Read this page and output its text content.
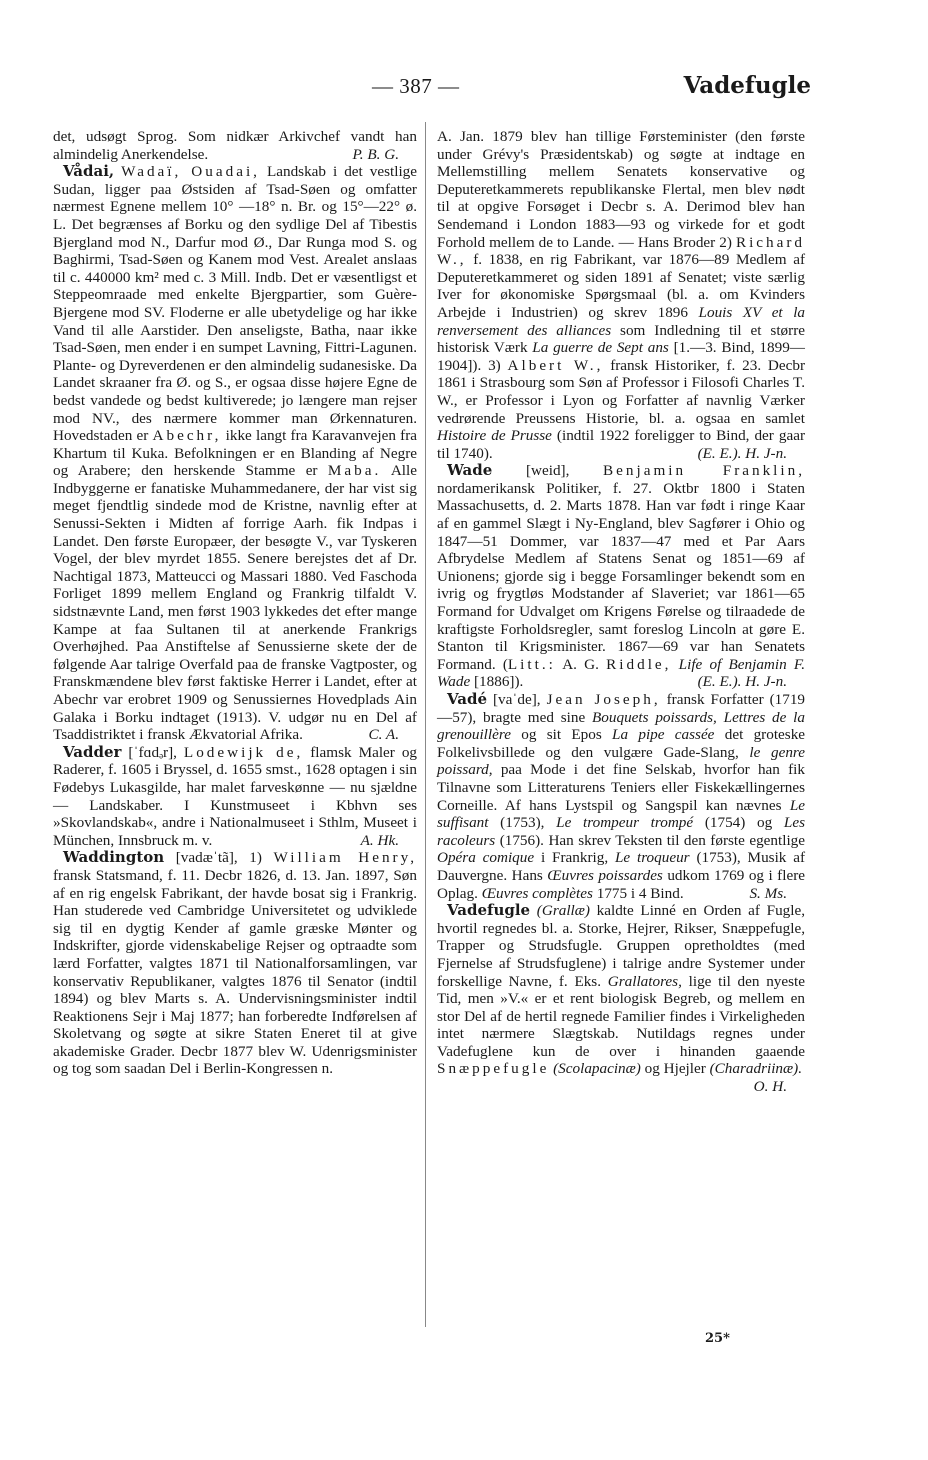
— 387 —	Vadefugle

det, udsøgt Sprog. Som nidkær Arkivchef vandt han almindelig Anerkendelse.	P. B. G.

Vådai, Wadaï, Ouadai, Landskab i det vestlige Sudan, ligger paa Østsiden af Tsad-Søen og omfatter nærmest Egnene mellem 10° —18° n. Br. og 15°—22° ø. L. Det begrænses af Borku og den sydlige Del af Tibestis Bjergland mod N., Darfur mod Ø., Dar Runga mod S. og Baghirmi, Tsad-Søen og Kanem mod Vest. Arealet anslaas til c. 440000 km² med c. 3 Mill. Indb. Det er væsentligst et Steppeomraade med enkelte Bjergpartier, som Guère-Bjergene mod SV. Floderne er alle ubetydelige og har ikke Vand til alle Aarstider. Den anseligste, Batha, naar ikke Tsad-Søen, men ender i en sumpet Lavning, Fittri-Lagunen. Plante- og Dyreverdenen er den almindelig sudanesiske. Da Landet skraaner fra Ø. og S., er ogsaa disse højere Egne de bedst vandede og bedst kultiverede; jo længere man rejser mod NV., des nærmere kommer man Ørkennaturen. Hovedstaden er Abechr, ikke langt fra Karavanvejen fra Khartum til Kuka. Befolkningen er en Blanding af Negre og Arabere; den herskende Stamme er Maba. Alle Indbyggerne er fanatiske Muhammedanere, der har vist sig meget fjendtlig sindede mod de Kristne, navnlig efter at Senussi-Sekten i Midten af forrige Aarh. fik Indpas i Landet. Den første Europæer, der besøgte V., var Tyskeren Vogel, der blev myrdet 1855. Senere berejstes det af Dr. Nachtigal 1873, Matteucci og Massari 1880. Ved Faschoda Forliget 1899 mellem England og Frankrig tilfaldt V. sidstnævnte Land, men først 1903 lykkedes det efter mange Kampe at faa Sultanen til at anerkende Frankrigs Overhøjhed. Paa Anstiftelse af Senussierne skete der de følgende Aar talrige Overfald paa de franske Vagtposter, og Franskmændene blev først faktiske Herrer i Landet, efter at Abechr var erobret 1909 og Senussiernes Hovedplads Ain Galaka i Borku indtaget (1913). V. udgør nu en Del af Tsaddistriktet i fransk Ækvatorial Afrika.	C. A.

Vadder [ˈfɑdₔr], Lodewijk de, flamsk Maler og Raderer, f. 1605 i Bryssel, d. 1655 smst., 1628 optagen i sin Fødebys Lukasgilde, har malet farveskønne — nu sjældne — Landskaber. I Kunstmuseet i Kbhvn ses »Skovlandskab«, andre i Nationalmuseet i Sthlm, Museet i München, Innsbruck m. v.	A. Hk.

Waddington [vadæˈtã], 1) William Henry, fransk Statsmand, f. 11. Decbr 1826, d. 13. Jan. 1897, Søn af en rig engelsk Fabrikant, der havde bosat sig i Frankrig. Han studerede ved Cambridge Universitetet og udviklede sig til en dygtig Kender af gamle græske Mønter og Indskrifter, gjorde videnskabelige Rejser og optraadte som lærd Forfatter, valgtes 1871 til Nationalforsamlingen, var konservativ Republikaner, valgtes 1876 til Senator (indtil 1894) og blev Marts s. A. Undervisningsminister indtil Reaktionens Sejr i Maj 1877; han forberedte Indførelsen af Skoletvang og søgte at sikre Staten Eneret til at give akademiske Grader. Decbr 1877 blev W. Udenrigsminister og tog som saadan Del i Berlin-Kongressen n.

A. Jan. 1879 blev han tillige Førsteminister (den første under Grévy's Præsidentskab) og søgte at indtage en Mellemstilling mellem Senatets konservative og Deputeretkammerets republikanske Flertal, men blev nødt til at opgive Forsøget i Decbr s. A. Derimod blev han Sendemand i London 1883—93 og virkede for et godt Forhold mellem de to Lande. — Hans Broder 2) Richard W., f. 1838, en rig Fabrikant, var 1876—89 Medlem af Deputeretkammeret og siden 1891 af Senatet; viste særlig Iver for økonomiske Spørgsmaal (bl. a. om Kvinders Arbejde i Industrien) og skrev 1896 Louis XV et la renversement des alliances som Indledning til et større historisk Værk La guerre de Sept ans [1.—3. Bind, 1899—1904]). 3) Albert W., fransk Historiker, f. 23. Decbr 1861 i Strasbourg som Søn af Professor i Filosofi Charles T. W., er Professor i Lyon og Forfatter af navnlig Værker vedrørende Preussens Historie, bl. a. ogsaa en samlet Histoire de Prusse (indtil 1922 foreligger to Bind, der gaar til 1740).	(E. E.). H. J-n.

Wade [weid], Benjamin Franklin, nordamerikansk Politiker, f. 27. Oktbr 1800 i Staten Massachusetts, d. 2. Marts 1878. Han var født i ringe Kaar af en gammel Slægt i Ny-England, blev Sagfører i Ohio og 1847—51 Dommer, var 1837—47 med et Par Aars Afbrydelse Medlem af Statens Senat og 1851—69 af Unionens; gjorde sig i begge Forsamlinger bekendt som en ivrig og frygtløs Modstander af Slaveriet; var 1861—65 Formand for Udvalget om Krigens Førelse og tilraadede de kraftigste Forholdsregler, samt foreslog Lincoln at gøre E. Stanton til Krigsminister. 1867—69 var han Senatets Formand. (Litt.: A. G. Riddle, Life of Benjamin F. Wade [1886]).	(E. E.). H. J-n.

Vadé [vaˈde], Jean Joseph, fransk Forfatter (1719—57), bragte med sine Bouquets poissards, Lettres de la grenouillère og sit Epos La pipe cassée det groteske Folkelivsbillede og den vulgære Gade-Slang, le genre poissard, paa Mode i det fine Selskab, hvorfor han fik Tilnavne som Litteraturens Teniers eller Fiskekællingernes Corneille. Af hans Lystspil og Sangspil kan nævnes Le suffisant (1753), Le trompeur trompé (1754) og Les racoleurs (1756). Han skrev Teksten til den første egentlige Opéra comique i Frankrig, Le troqueur (1753), Musik af Dauvergne. Hans Œuvres poissardes udkom 1769 og i flere Oplag. Œuvres complètes 1775 i 4 Bind.	S. Ms.

Vadefugle (Grallæ) kaldte Linné en Orden af Fugle, hvortil regnedes bl. a. Storke, Hejrer, Rikser, Snæppefugle, Trapper og Strudsfugle. Gruppen opretholdtes (med Fjernelse af Strudsfuglene) i talrige andre Systemer under forskellige Navne, f. Eks. Grallatores, lige til den nyeste Tid, men »V.« er et rent biologisk Begreb, og mellem en stor Del af de hertil regnede Familier findes i Virkeligheden intet nærmere Slægtskab. Nutildags regnes under Vadefuglene kun de over i hinanden gaaende Snæppefugle (Scolapacinæ) og Hjejler (Charadriinæ).
O. H.

25*
